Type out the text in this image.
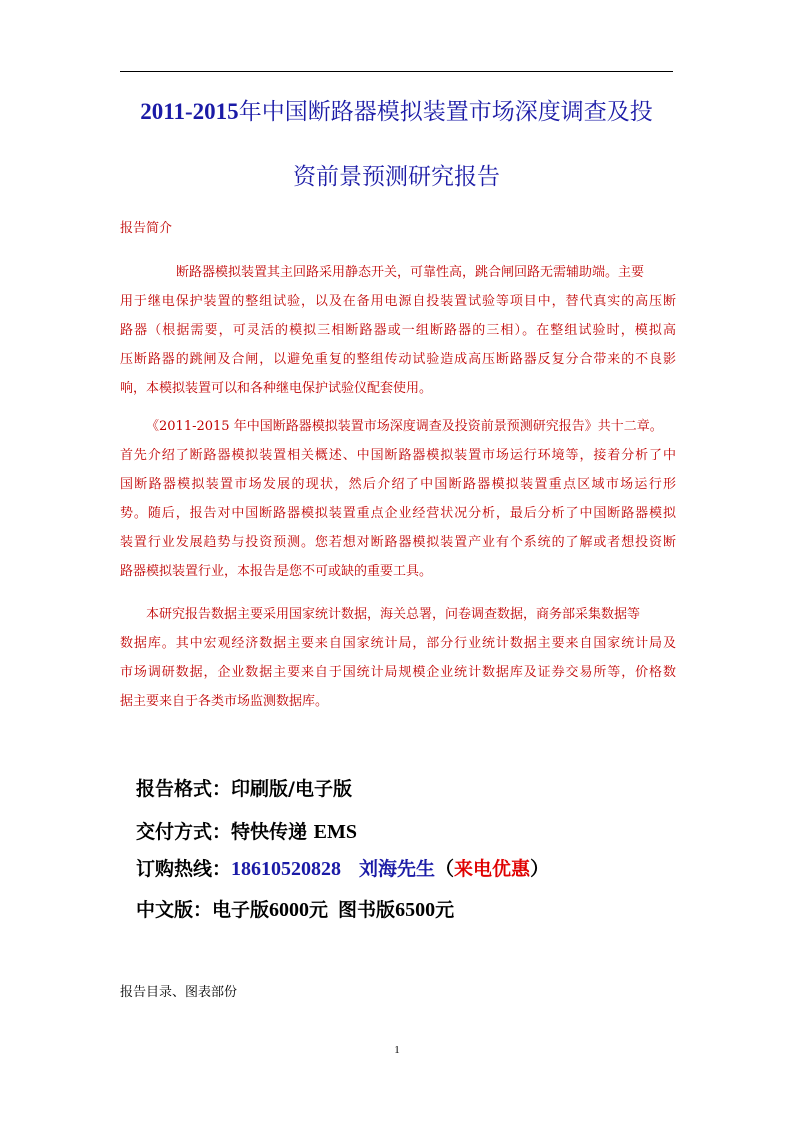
2011-2015年中国断路器模拟装置市场深度调查及投
资前景预测研究报告
报告简介
断路器模拟装置其主回路采用静态开关，可靠性高，跳合闸回路无需辅助端。主要
用于继电保护装置的整组试验，以及在备用电源自投装置试验等项目中，替代真实的高压断
路器（根据需要，可灵活的模拟三相断路器或一组断路器的三相）。在整组试验时，模拟高
压断路器的跳闸及合闸，以避免重复的整组传动试验造成高压断路器反复分合带来的不良影
响，本模拟装置可以和各种继电保护试验仪配套使用。
《2011-2015 年中国断路器模拟装置市场深度调查及投资前景预测研究报告》共十二章。
首先介绍了断路器模拟装置相关概述、中国断路器模拟装置市场运行环境等，接着分析了中
国断路器模拟装置市场发展的现状，然后介绍了中国断路器模拟装置重点区域市场运行形
势。随后，报告对中国断路器模拟装置重点企业经营状况分析，最后分析了中国断路器模拟
装置行业发展趋势与投资预测。您若想对断路器模拟装置产业有个系统的了解或者想投资断
路器模拟装置行业，本报告是您不可或缺的重要工具。
本研究报告数据主要采用国家统计数据，海关总署，问卷调查数据，商务部采集数据等
数据库。其中宏观经济数据主要来自国家统计局，部分行业统计数据主要来自国家统计局及
市场调研数据，企业数据主要来自于国统计局规模企业统计数据库及证券交易所等，价格数
据主要来自于各类市场监测数据库。
报告格式：印刷版/电子版
交付方式：特快传递 EMS
订购热线：18610520828 刘海先生（来电优惠）
中文版：电子版6000元 图书版6500元
报告目录、图表部份
1
